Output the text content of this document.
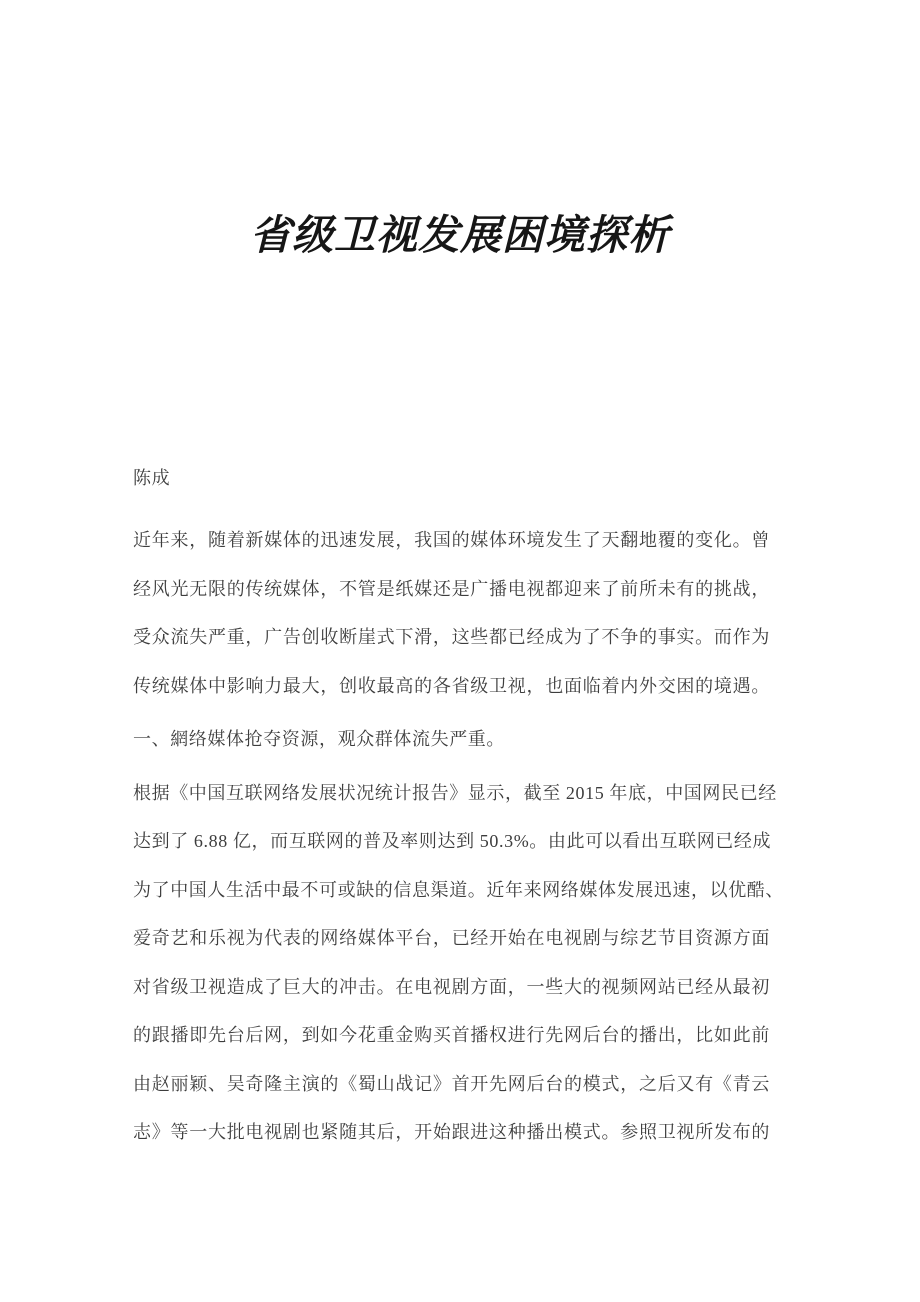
省级卫视发展困境探析

陈成

近年来，随着新媒体的迅速发展，我国的媒体环境发生了天翻地覆的变化。曾
经风光无限的传统媒体，不管是纸媒还是广播电视都迎来了前所未有的挑战，
受众流失严重，广告创收断崖式下滑，这些都已经成为了不争的事实。而作为
传统媒体中影响力最大，创收最高的各省级卫视，也面临着内外交困的境遇。

一、網络媒体抢夺资源，观众群体流失严重。

根据《中国互联网络发展状况统计报告》显示，截至 2015 年底，中国网民已经
达到了 6.88 亿，而互联网的普及率则达到 50.3%。由此可以看出互联网已经成
为了中国人生活中最不可或缺的信息渠道。近年来网络媒体发展迅速，以优酷、
爱奇艺和乐视为代表的网络媒体平台，已经开始在电视剧与综艺节目资源方面
对省级卫视造成了巨大的冲击。在电视剧方面，一些大的视频网站已经从最初
的跟播即先台后网，到如今花重金购买首播权进行先网后台的播出，比如此前
由赵丽颖、吴奇隆主演的《蜀山战记》首开先网后台的模式，之后又有《青云
志》等一大批电视剧也紧随其后，开始跟进这种播出模式。参照卫视所发布的
